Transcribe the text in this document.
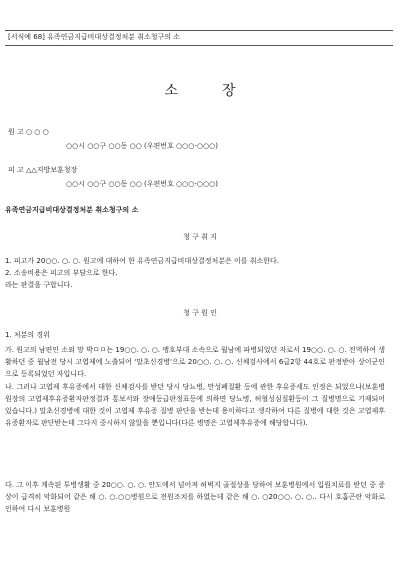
[서식예 68] 유족연금지급비대상결정처분 취소청구의 소
소장
원 고 ○ ○ ○
○○시 ○○구 ○○동 ○○ (우편번호 ○○○-○○○)
피 고 △△지방보훈청장
○○시 ○○구 ○○동 ○○ (우편번호 ○○○-○○○)
유족연금지급비대상결정처분 취소청구의 소
청 구 취 지
1. 피고가 20○○. ○. ○. 원고에 대하여 한 유족연금지급비대상결정처분은 이를 취소한다.
2. 소송비용은 피고의 부담으로 한다.
라는 판결을 구합니다.
청 구 원 인
1. 처분의 경위
가. 원고의 남편인 소외 망 박ㅁㅁ는 19○○. ○. ○. 맹호부대 소속으로 월남에 파병되었던 자로서 19○○. ○. ○. 전역하여 생활하던 중 월남전 당시 고엽제에 노출되어 '말초신경병'으로 20○○. ○. ○. 신체검사에서 6급2항 44호로 판정받아 상이군인으로 등록되었던 자입니다.
나. 그러나 고엽제 후유증에서 대한 신체검사를 받던 당시 당뇨병, 만성폐질환 등에 관한 후유증세도 인정은 되었으나(보훈병원장의 고엽제후유증환자판정결과 통보서와 장애등급판정표등에 의하면 당뇨병, 허혈성심질환등이 그 질병명으로 기재되어 있습니다.) 말초신경병에 대한 것이 고엽제 후유증 질병 판단을 받는데 용이하다고 생각하여 다른 질병에 대한 것은 고엽제후유증환자로 판단받는데 그다지 중시하지 않았을 뿐입니다(다른 병명은 고엽제후유증에 해당합니다).
다. 그 이후 계속된 투병생활 중 20○○. ○. ○. 안도에서 넘어져 허벅지 골절상을 당하여 보훈병원에서 입원치료를 받던 중 증상이 급격히 악화되어 같은 해 ○. ○.○○병원으로 전원조치를 하였는데 같은 해 ○. ○20○○. ○. ○.. 다시 호흡곤란 악화로 인하여 다시 보훈병원
